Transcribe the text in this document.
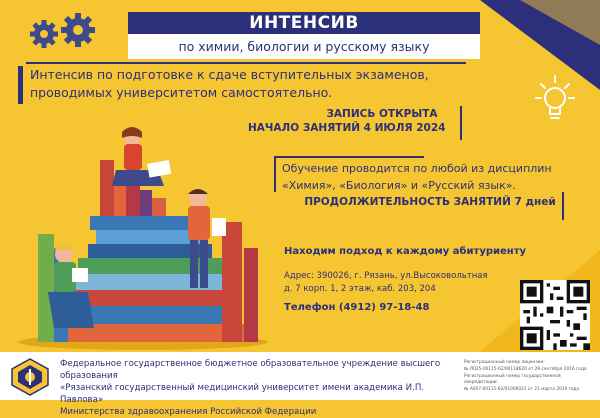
ИНТЕНСИВ
по химии, биологии и русскому языку
Интенсив по подготовке к сдаче вступительных экзаменов,
проводимых университетом самостоятельно.
ЗАПИСЬ ОТКРЫТА
НАЧАЛО ЗАНЯТИЙ 4 ИЮЛЯ 2024
Обучение проводится по любой из дисциплин
«Химия», «Биология» и «Русский язык».
ПРОДОЛЖИТЕЛЬНОСТЬ ЗАНЯТИЙ 7 дней
Находим подход к каждому абитуриенту
Адрес: 390026, г. Рязань, ул.Высоковольтная
д. 7 корп. 1, 2 этаж, каб. 203, 204
Телефон (4912) 97-18-48
Федеральное государственное бюджетное образовательное учреждение высшего образования
«Рязанский государственный медицинский университет имени академика И.П. Павлова»
Министерства здравоохранения Российской Федерации
Регистрационный номер лицензии:
№ Л035-00115-62/00118620 от 29 сентября 2016 года
Регистрационный номер государственной аккредитации:
№ А007-00115-62/01006021 от 21 марта 2019 года
